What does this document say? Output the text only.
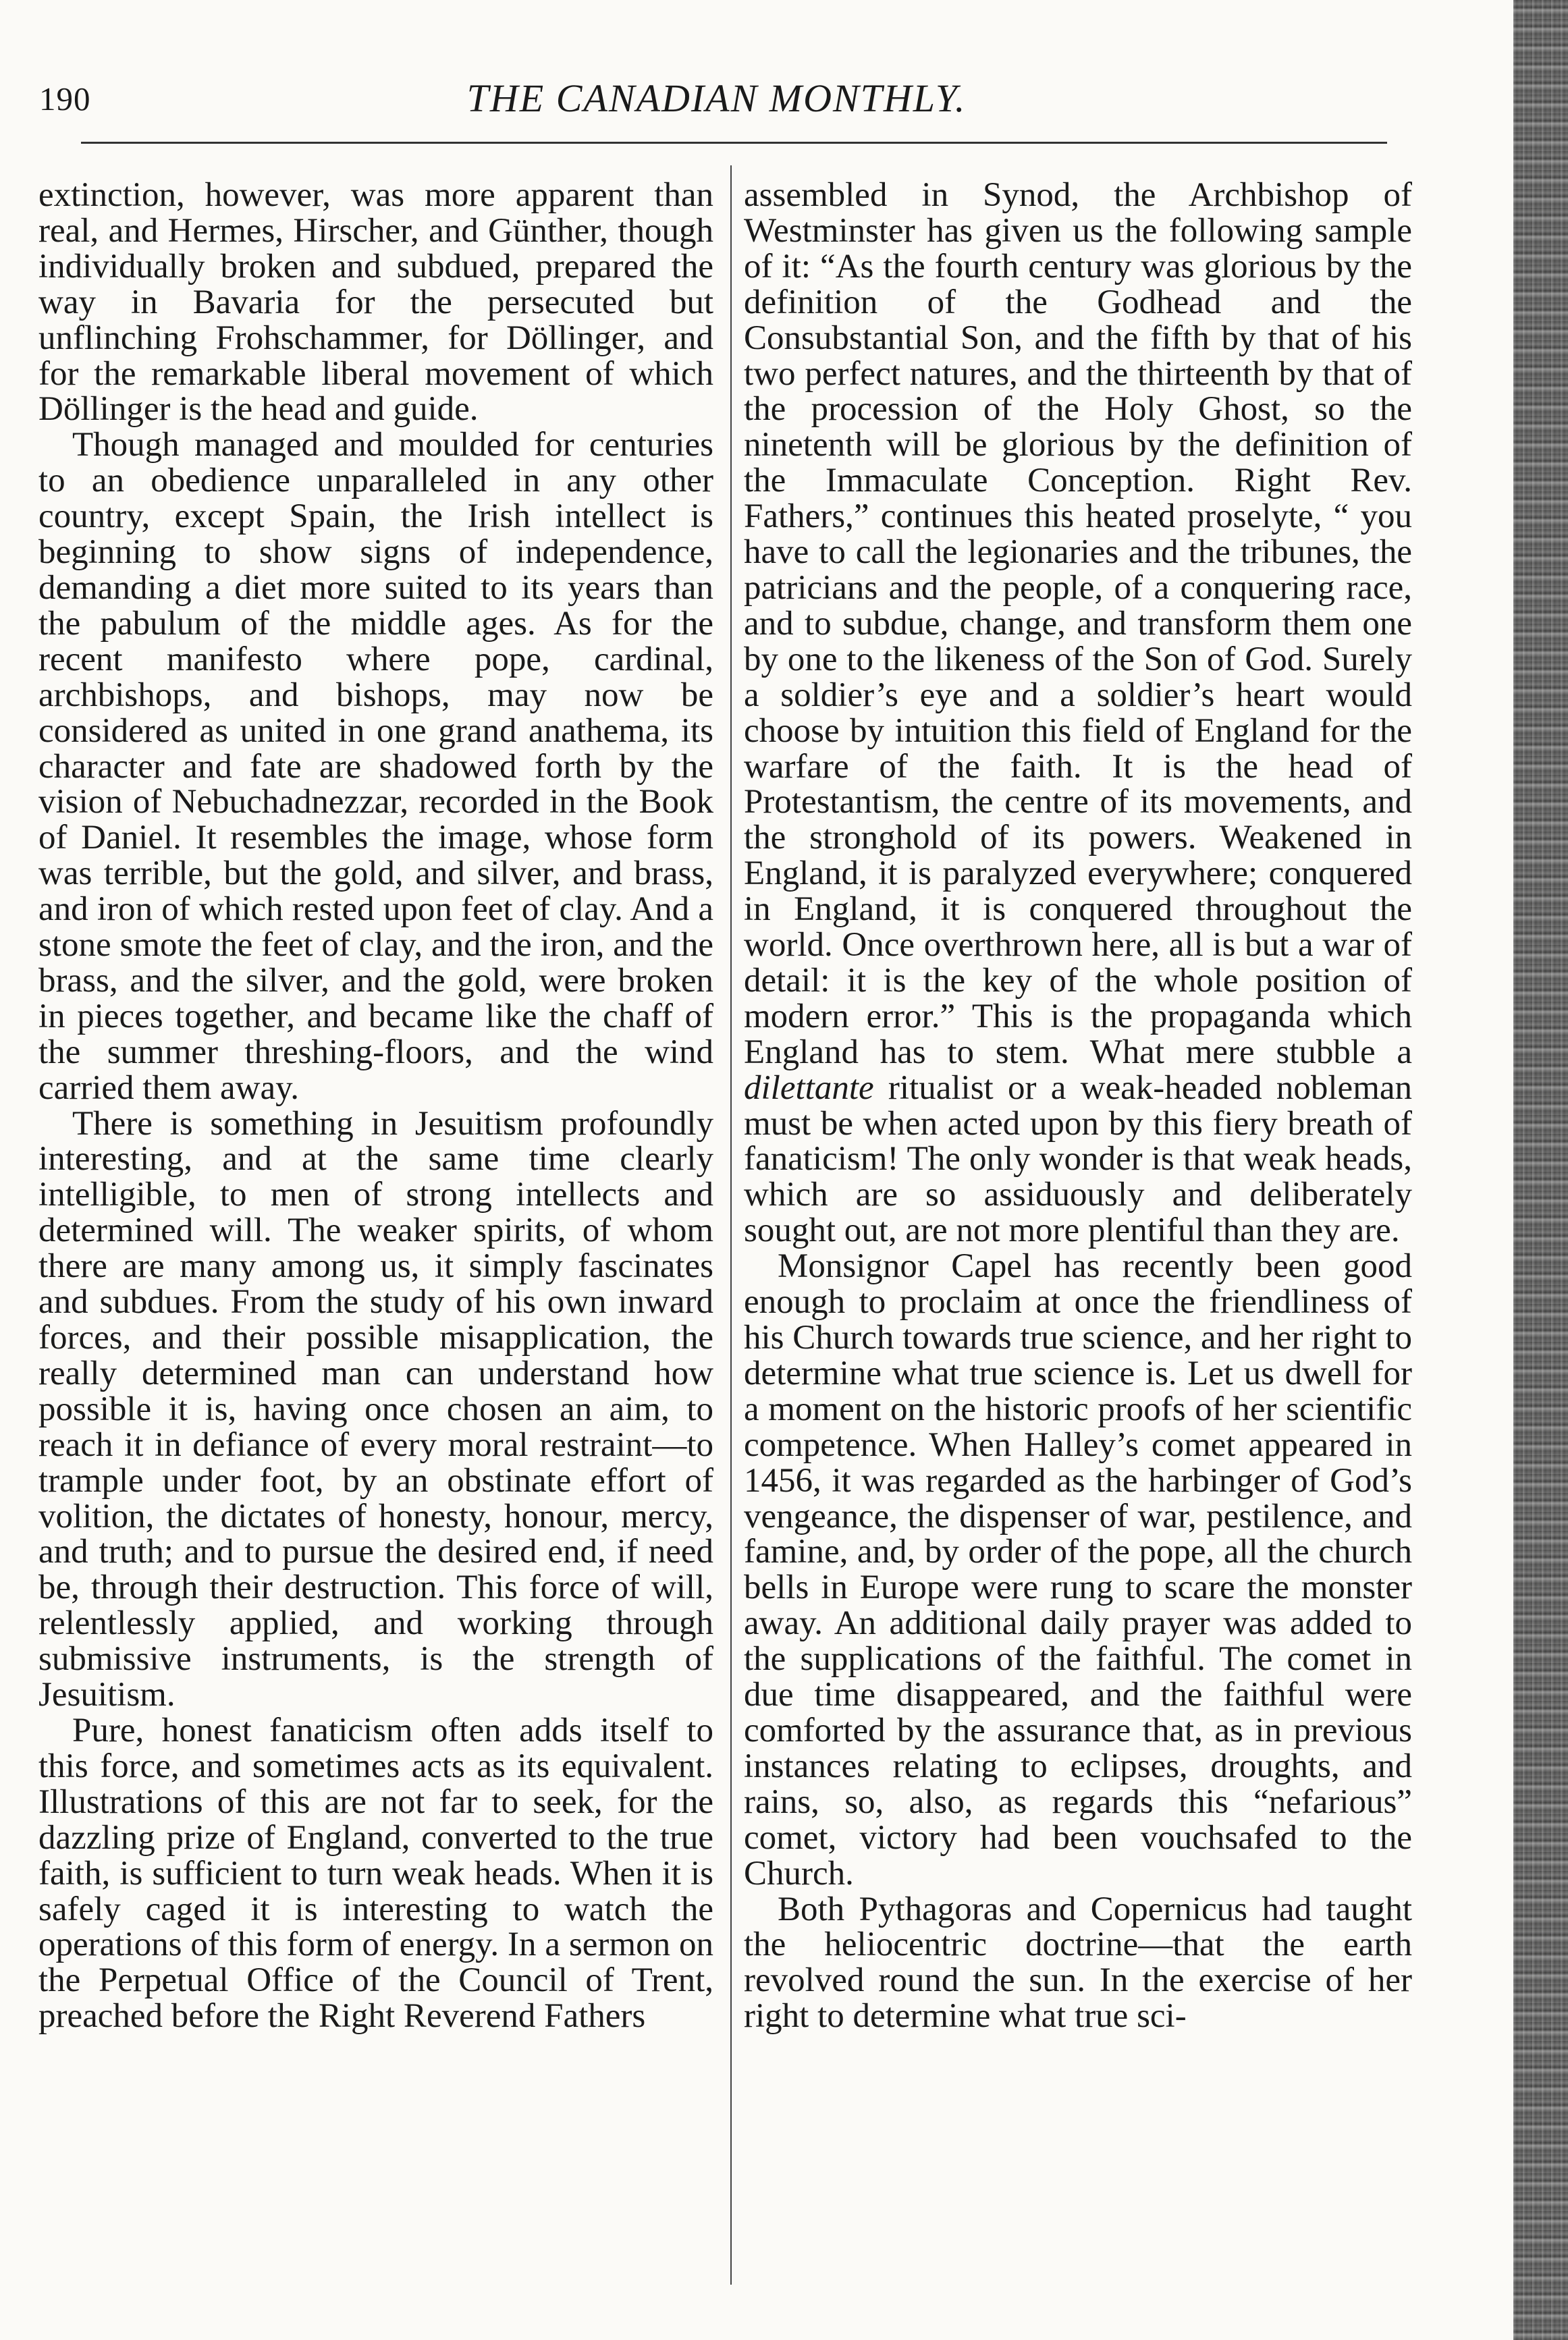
190	THE CANADIAN MONTHLY.

extinction, however, was more apparent than real, and Hermes, Hirscher, and Günther, though individually broken and subdued, prepared the way in Bavaria for the persecuted but unflinching Frohschammer, for Döllinger, and for the remarkable liberal movement of which Döllinger is the head and guide.

Though managed and moulded for centuries to an obedience unparalleled in any other country, except Spain, the Irish intellect is beginning to show signs of independence, demanding a diet more suited to its years than the pabulum of the middle ages. As for the recent manifesto where pope, cardinal, archbishops, and bishops, may now be considered as united in one grand anathema, its character and fate are shadowed forth by the vision of Nebuchadnezzar, recorded in the Book of Daniel. It resembles the image, whose form was terrible, but the gold, and silver, and brass, and iron of which rested upon feet of clay. And a stone smote the feet of clay, and the iron, and the brass, and the silver, and the gold, were broken in pieces together, and became like the chaff of the summer threshing-floors, and the wind carried them away.

There is something in Jesuitism profoundly interesting, and at the same time clearly intelligible, to men of strong intellects and determined will. The weaker spirits, of whom there are many among us, it simply fascinates and subdues. From the study of his own inward forces, and their possible misapplication, the really determined man can understand how possible it is, having once chosen an aim, to reach it in defiance of every moral restraint—to trample under foot, by an obstinate effort of volition, the dictates of honesty, honour, mercy, and truth; and to pursue the desired end, if need be, through their destruction. This force of will, relentlessly applied, and working through submissive instruments, is the strength of Jesuitism.

Pure, honest fanaticism often adds itself to this force, and sometimes acts as its equivalent. Illustrations of this are not far to seek, for the dazzling prize of England, converted to the true faith, is sufficient to turn weak heads. When it is safely caged it is interesting to watch the operations of this form of energy. In a sermon on the Perpetual Office of the Council of Trent, preached before the Right Reverend Fathers

assembled in Synod, the Archbishop of Westminster has given us the following sample of it: “As the fourth century was glorious by the definition of the Godhead and the Consubstantial Son, and the fifth by that of his two perfect natures, and the thirteenth by that of the procession of the Holy Ghost, so the ninetenth will be glorious by the definition of the Immaculate Conception. Right Rev. Fathers,” continues this heated proselyte, “ you have to call the legionaries and the tribunes, the patricians and the people, of a conquering race, and to subdue, change, and transform them one by one to the likeness of the Son of God. Surely a soldier’s eye and a soldier’s heart would choose by intuition this field of England for the warfare of the faith. It is the head of Protestantism, the centre of its movements, and the stronghold of its powers. Weakened in England, it is paralyzed everywhere; conquered in England, it is conquered throughout the world. Once overthrown here, all is but a war of detail: it is the key of the whole position of modern error.” This is the propaganda which England has to stem. What mere stubble a dilettante ritualist or a weak-headed nobleman must be when acted upon by this fiery breath of fanaticism! The only wonder is that weak heads, which are so assiduously and deliberately sought out, are not more plentiful than they are.

Monsignor Capel has recently been good enough to proclaim at once the friendliness of his Church towards true science, and her right to determine what true science is. Let us dwell for a moment on the historic proofs of her scientific competence. When Halley’s comet appeared in 1456, it was regarded as the harbinger of God’s vengeance, the dispenser of war, pestilence, and famine, and, by order of the pope, all the church bells in Europe were rung to scare the monster away. An additional daily prayer was added to the supplications of the faithful. The comet in due time disappeared, and the faithful were comforted by the assurance that, as in previous instances relating to eclipses, droughts, and rains, so, also, as regards this “nefarious” comet, victory had been vouchsafed to the Church.

Both Pythagoras and Copernicus had taught the heliocentric doctrine—that the earth revolved round the sun. In the exercise of her right to determine what true sci-
